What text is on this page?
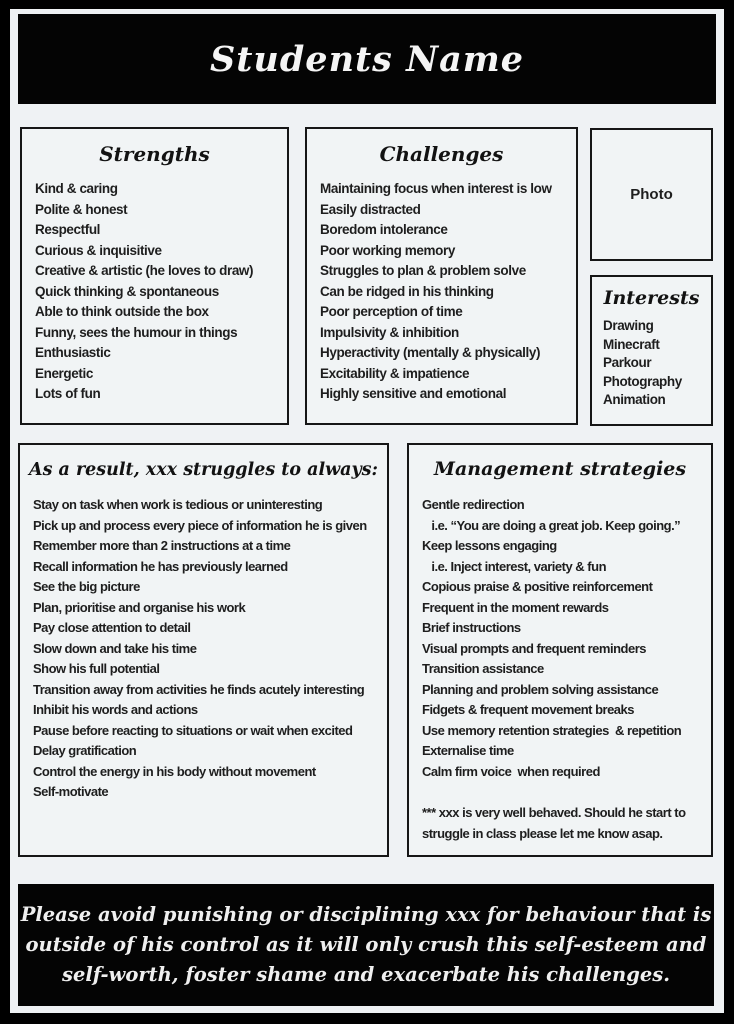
Students Name
Strengths
Kind & caring
Polite & honest
Respectful
Curious & inquisitive
Creative & artistic (he loves to draw)
Quick thinking & spontaneous
Able to think outside the box
Funny, sees the humour in things
Enthusiastic
Energetic
Lots of fun
Challenges
Maintaining focus when interest is low
Easily distracted
Boredom intolerance
Poor working memory
Struggles to plan & problem solve
Can be ridged in his thinking
Poor perception of time
Impulsivity & inhibition
Hyperactivity (mentally & physically)
Excitability & impatience
Highly sensitive and emotional
Photo
Interests
Drawing
Minecraft
Parkour
Photography
Animation
As a result, xxx struggles to always:
Stay on task when work is tedious or uninteresting
Pick up and process every piece of information he is given
Remember more than 2 instructions at a time
Recall information he has previously learned
See the big picture
Plan, prioritise and organise his work
Pay close attention to detail
Slow down and take his time
Show his full potential
Transition away from activities he finds acutely interesting
Inhibit his words and actions
Pause before reacting to situations or wait when excited
Delay gratification
Control the energy in his body without movement
Self-motivate
Management strategies
Gentle redirection
i.e. “You are doing a great job. Keep going.”
Keep lessons engaging
i.e. Inject interest, variety & fun
Copious praise & positive reinforcement
Frequent in the moment rewards
Brief instructions
Visual prompts and frequent reminders
Transition assistance
Planning and problem solving assistance
Fidgets & frequent movement breaks
Use memory retention strategies  & repetition
Externalise time
Calm firm voice  when required
*** xxx is very well behaved. Should he start to struggle in class please let me know asap.
Please avoid punishing or disciplining xxx for behaviour that is
outside of his control as it will only crush this self-esteem and
self-worth, foster shame and exacerbate his challenges.
